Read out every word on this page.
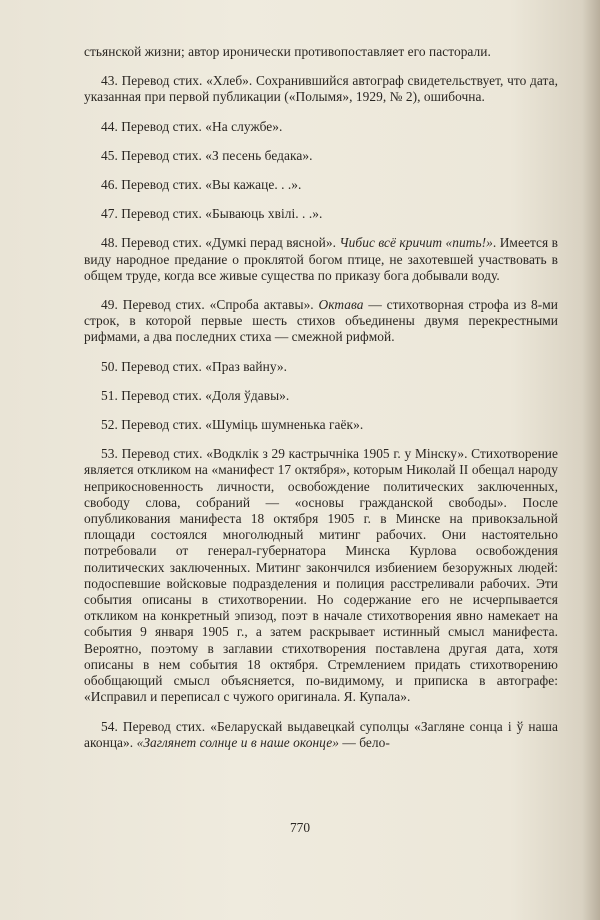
стьянской жизни; автор иронически противопоставляет его пасторали.

43. Перевод стих. «Хлеб». Сохранившийся автограф свидетельствует, что дата, указанная при первой публикации («Полымя», 1929, № 2), ошибочна.

44. Перевод стих. «На службе».

45. Перевод стих. «З песень бедака».

46. Перевод стих. «Вы кажаце. . .».

47. Перевод стих. «Бываюць хвілі. . .».

48. Перевод стих. «Думкі перад вясной». Чибис всё кричит «пить!». Имеется в виду народное предание о проклятой богом птице, не захотевшей участвовать в общем труде, когда все живые существа по приказу бога добывали воду.

49. Перевод стих. «Спроба актавы». Октава — стихотворная строфа из 8-ми строк, в которой первые шесть стихов объединены двумя перекрестными рифмами, а два последних стиха — смежной рифмой.

50. Перевод стих. «Праз вайну».

51. Перевод стих. «Доля ўдавы».

52. Перевод стих. «Шуміць шумненька гаёк».

53. Перевод стих. «Водклік з 29 кастрычніка 1905 г. у Мінску». Стихотворение является откликом на «манифест 17 октября», которым Николай II обещал народу неприкосновенность личности, освобождение политических заключенных, свободу слова, собраний — «основы гражданской свободы». После опубликования манифеста 18 октября 1905 г. в Минске на привокзальной площади состоялся многолюдный митинг рабочих. Они настоятельно потребовали от генерал-губернатора Минска Курлова освобождения политических заключенных. Митинг закончился избиением безоружных людей: подоспевшие войсковые подразделения и полиция расстреливали рабочих. Эти события описаны в стихотворении. Но содержание его не исчерпывается откликом на конкретный эпизод, поэт в начале стихотворения явно намекает на события 9 января 1905 г., а затем раскрывает истинный смысл манифеста. Вероятно, поэтому в заглавии стихотворения поставлена другая дата, хотя описаны в нем события 18 октября. Стремлением придать стихотворению обобщающий смысл объясняется, по-видимому, и приписка в автографе: «Исправил и переписал с чужого оригинала. Я. Купала».

54. Перевод стих. «Беларускай выдавецкай суполцы «Загляне сонца і ў наша аконца». «Заглянет солнце и в наше оконце» — бело-

770
